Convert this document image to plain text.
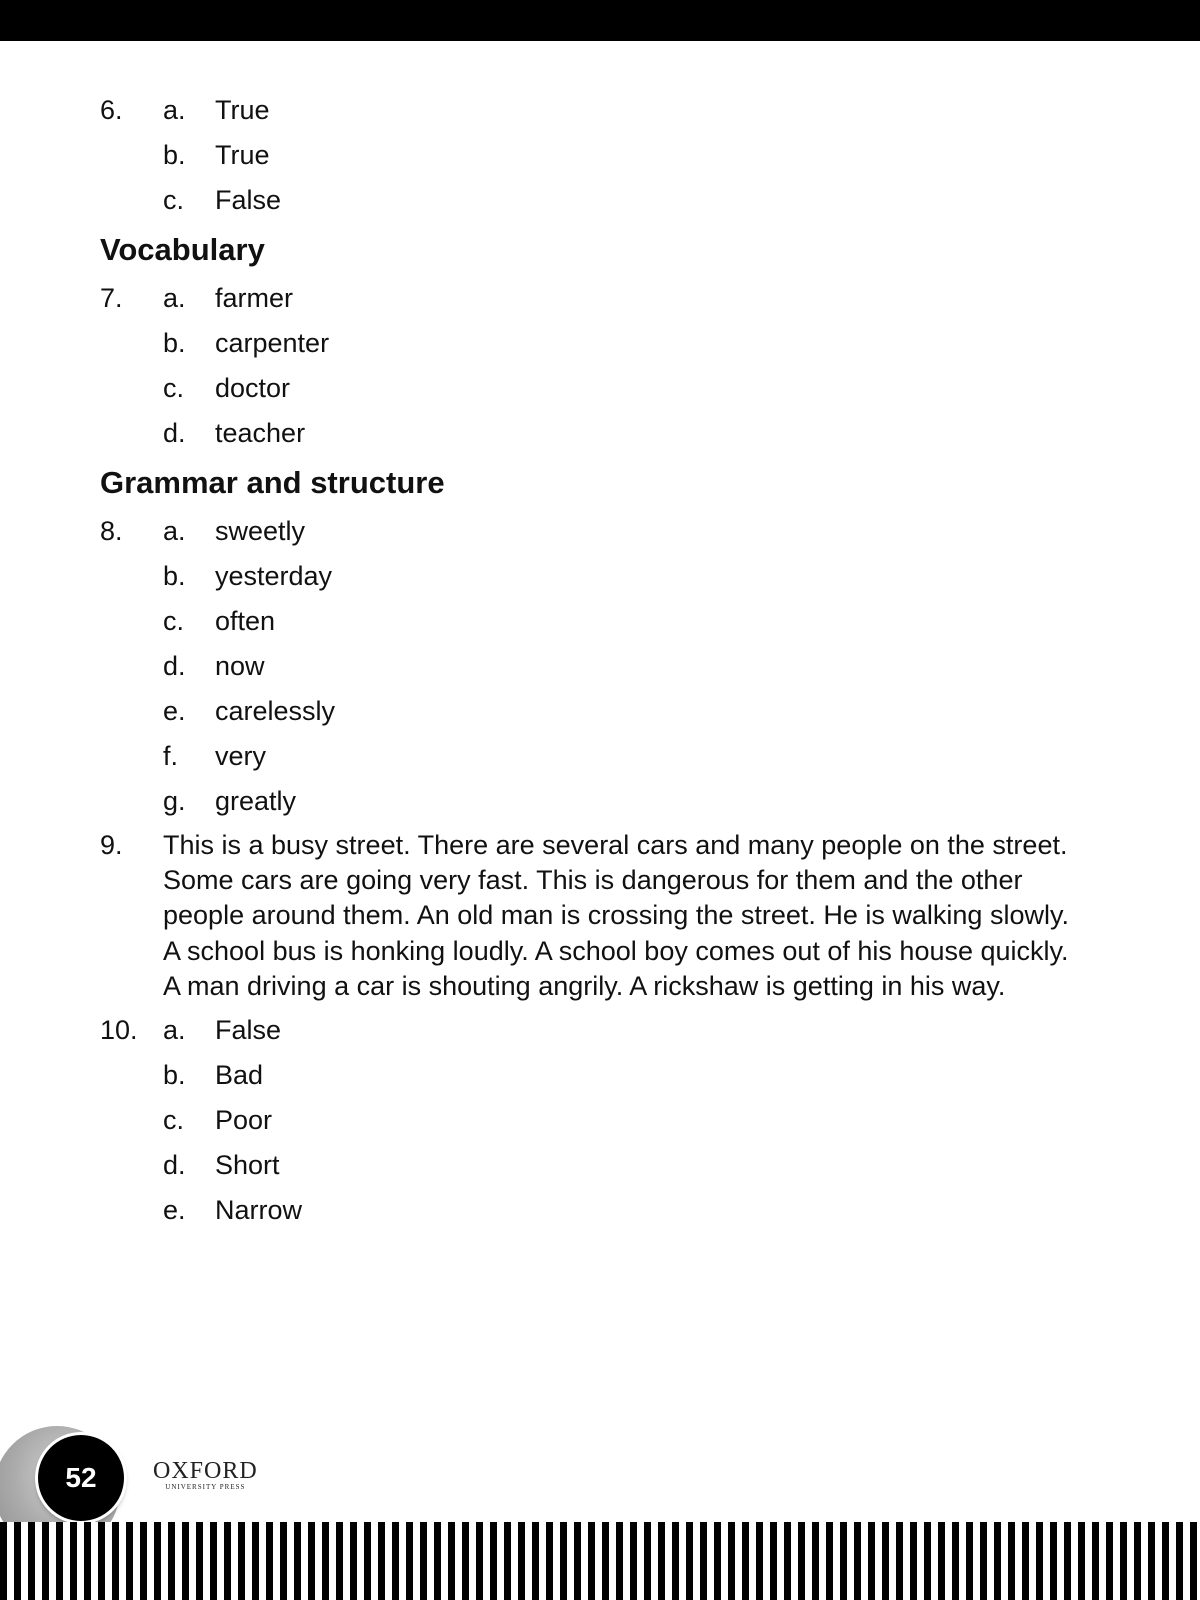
6. a. True
b. True
c. False
Vocabulary
7. a. farmer
b. carpenter
c. doctor
d. teacher
Grammar and structure
8. a. sweetly
b. yesterday
c. often
d. now
e. carelessly
f. very
g. greatly
9. This is a busy street. There are several cars and many people on the street. Some cars are going very fast. This is dangerous for them and the other people around them. An old man is crossing the street. He is walking slowly. A school bus is honking loudly. A school boy comes out of his house quickly. A man driving a car is shouting angrily. A rickshaw is getting in his way.
10. a. False
b. Bad
c. Poor
d. Short
e. Narrow
52	OXFORD
UNIVERSITY PRESS
